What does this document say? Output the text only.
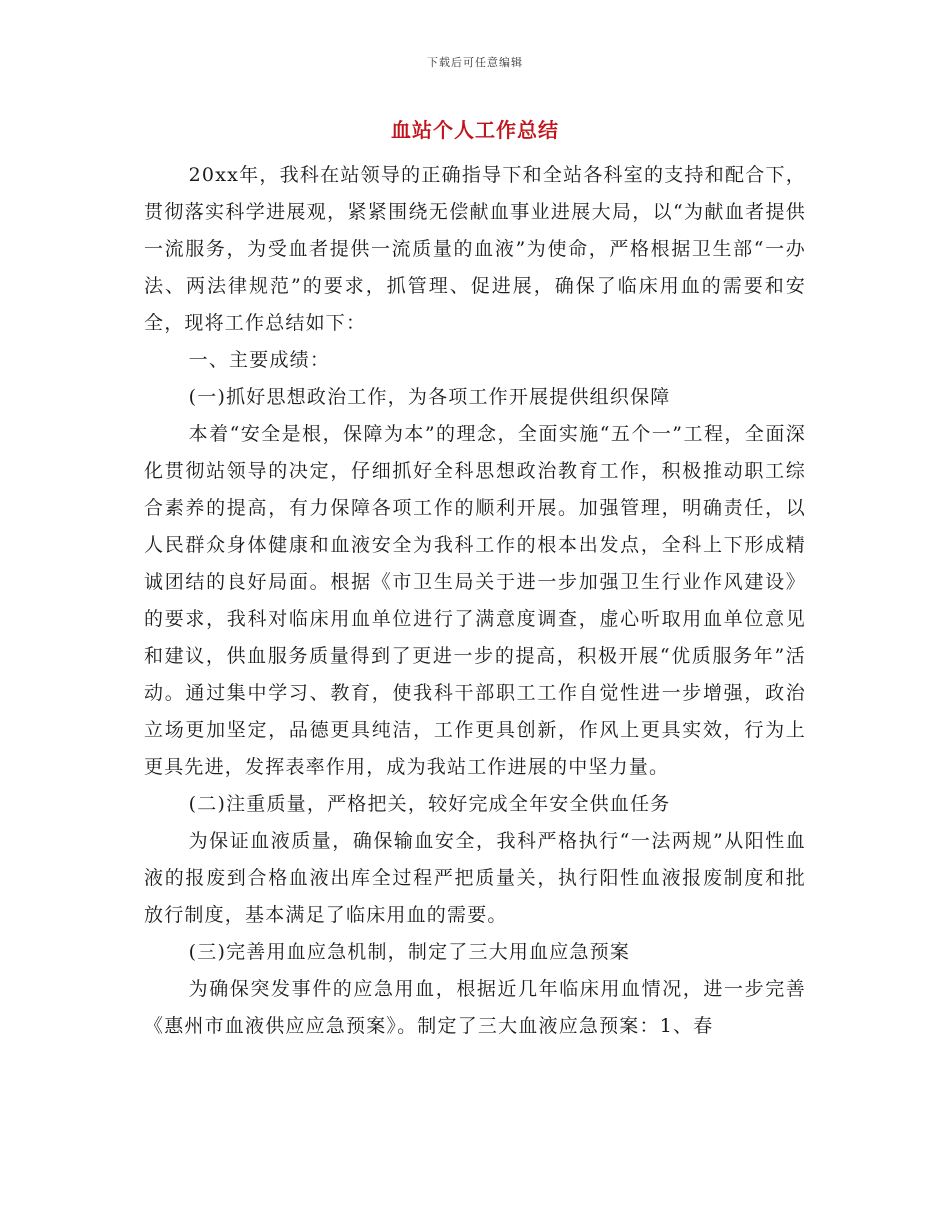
下载后可任意编辑
血站个人工作总结

20xx年，我科在站领导的正确指导下和全站各科室的支持和配合下，贯彻落实科学进展观，紧紧围绕无偿献血事业进展大局，以“为献血者提供一流服务，为受血者提供一流质量的血液”为使命，严格根据卫生部“一办法、两法律规范”的要求，抓管理、促进展，确保了临床用血的需要和安全，现将工作总结如下：

一、主要成绩：

(一)抓好思想政治工作，为各项工作开展提供组织保障

本着“安全是根，保障为本”的理念，全面实施“五个一”工程，全面深化贯彻站领导的决定，仔细抓好全科思想政治教育工作，积极推动职工综合素养的提高，有力保障各项工作的顺利开展。加强管理，明确责任，以人民群众身体健康和血液安全为我科工作的根本出发点，全科上下形成精诚团结的良好局面。根据《市卫生局关于进一步加强卫生行业作风建设》的要求，我科对临床用血单位进行了满意度调查，虚心听取用血单位意见和建议，供血服务质量得到了更进一步的提高，积极开展“优质服务年”活动。通过集中学习、教育，使我科干部职工工作自觉性进一步增强，政治立场更加坚定，品德更具纯洁，工作更具创新，作风上更具实效，行为上更具先进，发挥表率作用，成为我站工作进展的中坚力量。

(二)注重质量，严格把关，较好完成全年安全供血任务

为保证血液质量，确保输血安全，我科严格执行“一法两规”从阳性血液的报废到合格血液出库全过程严把质量关，执行阳性血液报废制度和批放行制度，基本满足了临床用血的需要。

(三)完善用血应急机制，制定了三大用血应急预案

为确保突发事件的应急用血，根据近几年临床用血情况，进一步完善《惠州市血液供应应急预案》。制定了三大血液应急预案：1、春
